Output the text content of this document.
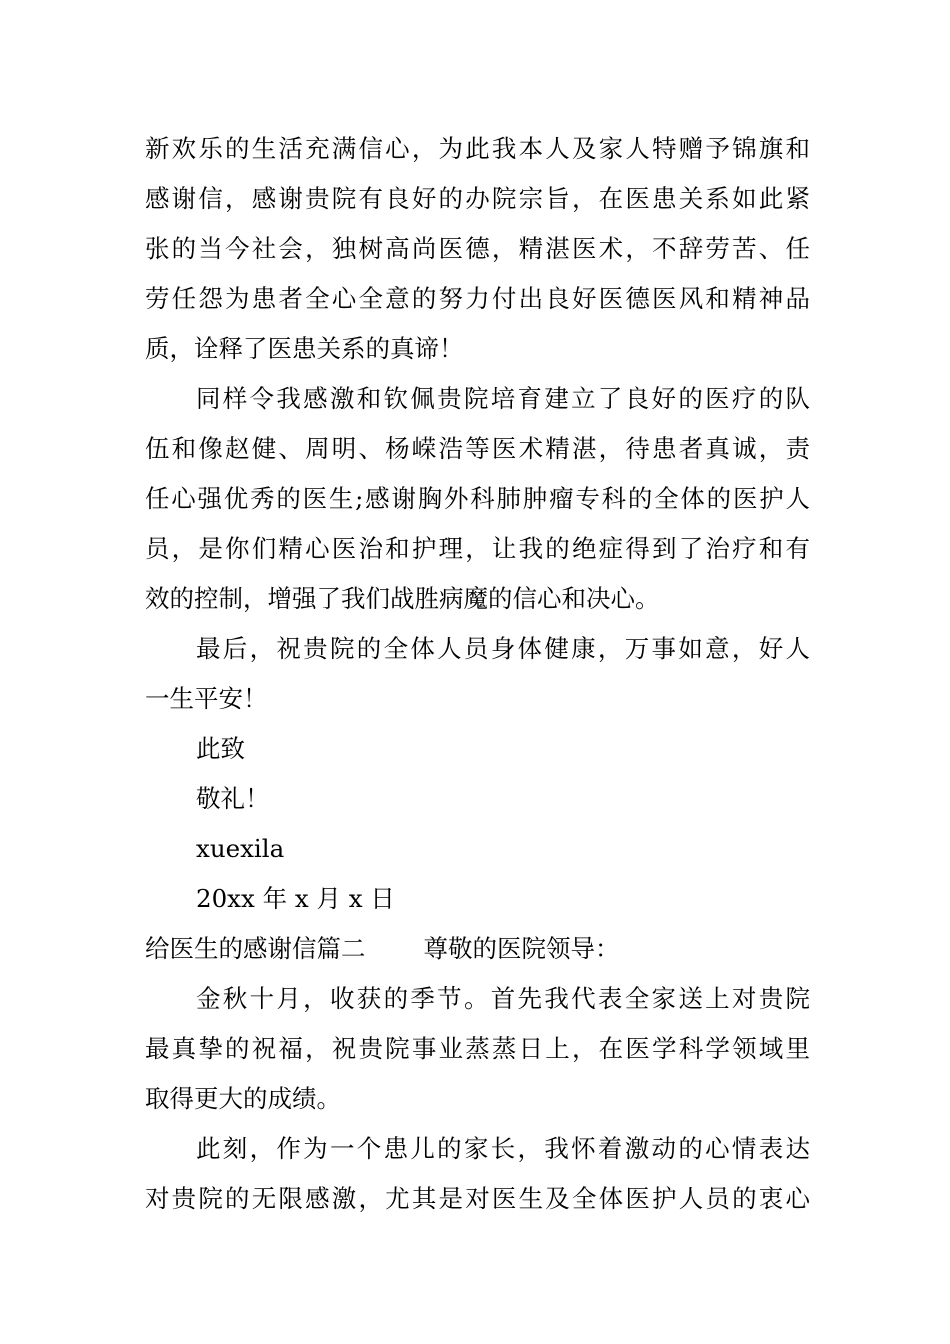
新欢乐的生活充满信心，为此我本人及家人特赠予锦旗和
感谢信，感谢贵院有良好的办院宗旨，在医患关系如此紧
张的当今社会，独树高尚医德，精湛医术，不辞劳苦、任
劳任怨为患者全心全意的努力付出良好医德医风和精神品
质，诠释了医患关系的真谛！
同样令我感激和钦佩贵院培育建立了良好的医疗的队
伍和像赵健、周明、杨嵘浩等医术精湛，待患者真诚，责
任心强优秀的医生;感谢胸外科肺肿瘤专科的全体的医护人
员，是你们精心医治和护理，让我的绝症得到了治疗和有
效的控制，增强了我们战胜病魔的信心和决心。
最后，祝贵院的全体人员身体健康，万事如意，好人
一生平安！
此致
敬礼！
xuexila
20xx 年 x 月 x 日
给医生的感谢信篇二 尊敬的医院领导：
金秋十月，收获的季节。首先我代表全家送上对贵院
最真挚的祝福，祝贵院事业蒸蒸日上，在医学科学领域里
取得更大的成绩。
此刻，作为一个患儿的家长，我怀着激动的心情表达
对贵院的无限感激，尤其是对医生及全体医护人员的衷心
